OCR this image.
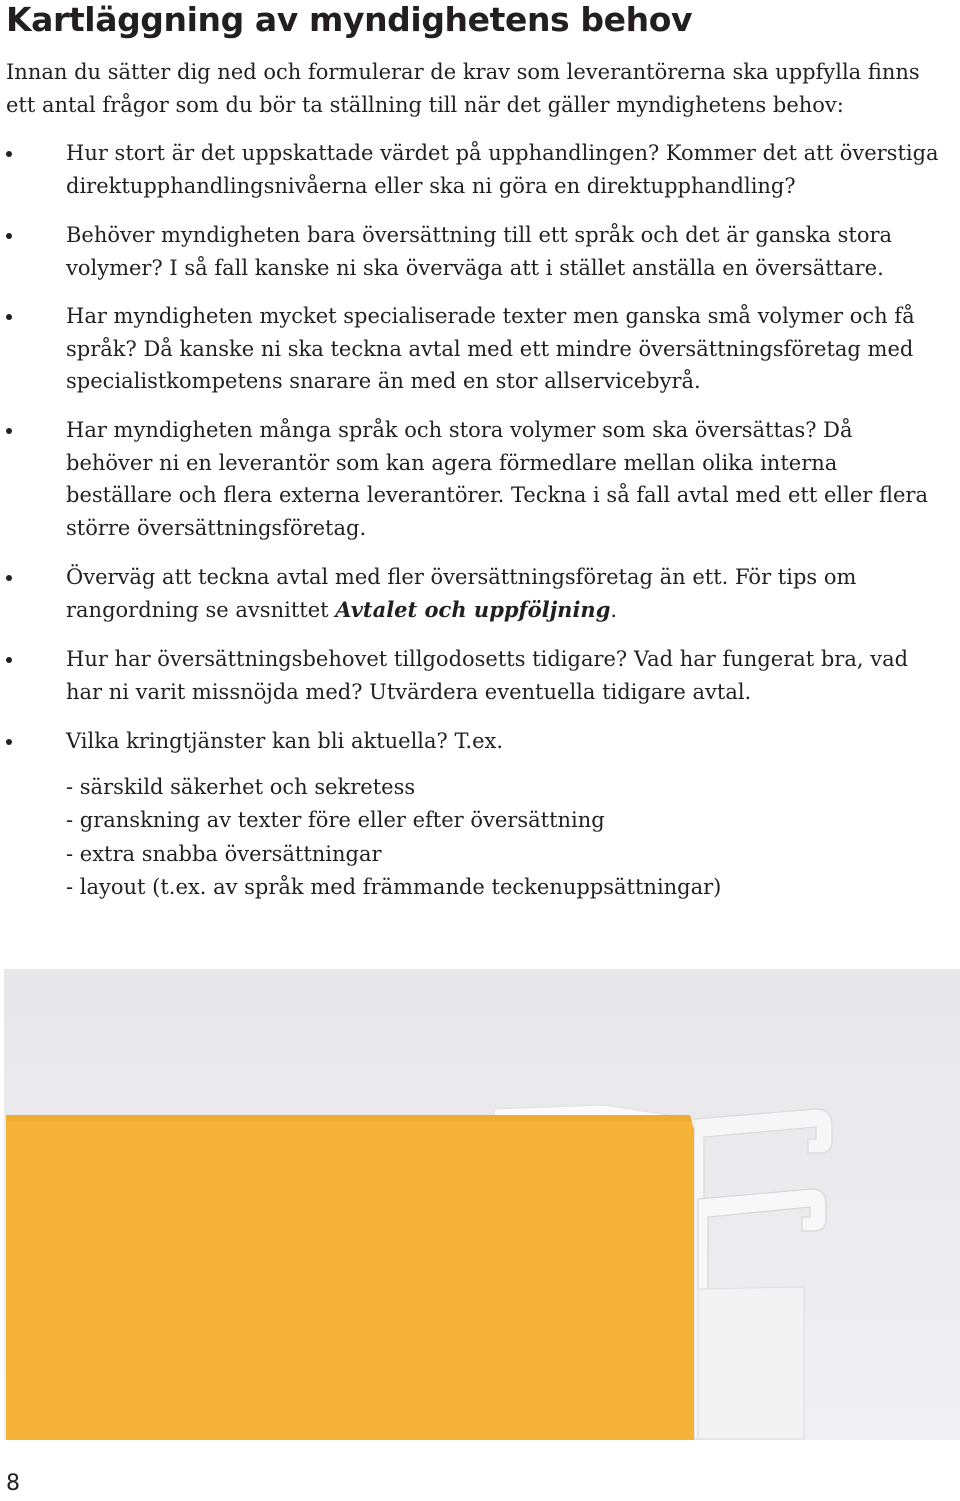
Kartläggning av myndighetens behov

Innan du sätter dig ned och formulerar de krav som leverantörerna ska uppfylla finns
ett antal frågor som du bör ta ställning till när det gäller myndighetens behov:

Hur stort är det uppskattade värdet på upphandlingen? Kommer det att överstiga
direktupphandlingsnivåerna eller ska ni göra en direktupphandling?
Behöver myndigheten bara översättning till ett språk och det är ganska stora
volymer? I så fall kanske ni ska överväga att i stället anställa en översättare.
Har myndigheten mycket specialiserade texter men ganska små volymer och få
språk? Då kanske ni ska teckna avtal med ett mindre översättningsföretag med
specialistkompetens snarare än med en stor allservicebyrå.
Har myndigheten många språk och stora volymer som ska översättas? Då
behöver ni en leverantör som kan agera förmedlare mellan olika interna
beställare och flera externa leverantörer. Teckna i så fall avtal med ett eller flera
större översättningsföretag.
Överväg att teckna avtal med fler översättningsföretag än ett. För tips om
rangordning se avsnittet Avtalet och uppföljning.
Hur har översättningsbehovet tillgodosetts tidigare? Vad har fungerat bra, vad
har ni varit missnöjda med? Utvärdera eventuella tidigare avtal.
Vilka kringtjänster kan bli aktuella? T.ex.

- särskild säkerhet och sekretess
- granskning av texter före eller efter översättning
- extra snabba översättningar
- layout (t.ex. av språk med främmande teckenuppsättningar)

8
